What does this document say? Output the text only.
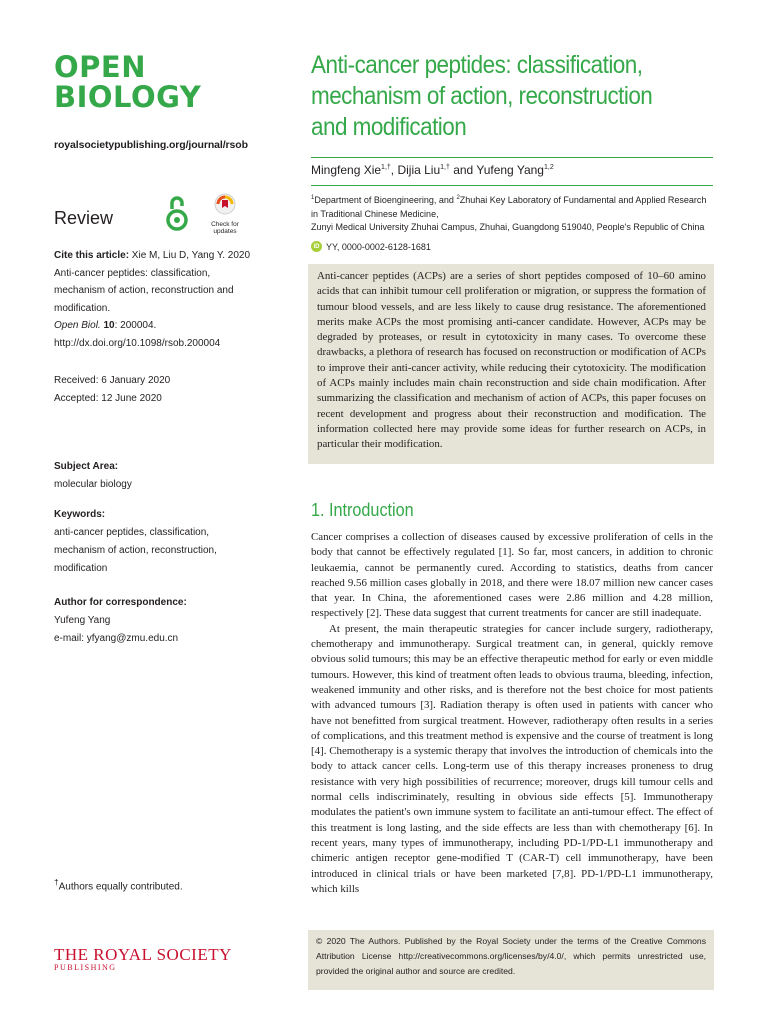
OPEN
BIOLOGY
royalsocietypublishing.org/journal/rsob
Review	Check for
updates
Cite this article: Xie M, Liu D, Yang Y. 2020
Anti-cancer peptides: classification, mechanism of action, reconstruction and modification.
Open Biol. 10: 200004.
http://dx.doi.org/10.1098/rsob.200004
Received: 6 January 2020
Accepted: 12 June 2020
Subject Area:
molecular biology
Keywords:
anti-cancer peptides, classification, mechanism of action, reconstruction, modification
Author for correspondence:
Yufeng Yang
e-mail: yfyang@zmu.edu.cn
†Authors equally contributed.
THE ROYAL SOCIETY
PUBLISHING
Anti-cancer peptides: classification, mechanism of action, reconstruction and modification
Mingfeng Xie$^{1,\dagger}$, Dijia Liu$^{1,\dagger}$ and Yufeng Yang$^{1,2}$
$^1$Department of Bioengineering, and $^2$Zhuhai Key Laboratory of Fundamental and Applied Research in Traditional Chinese Medicine,
Zunyi Medical University Zhuhai Campus, Zhuhai, Guangdong 519040, People's Republic of China
iD YY, 0000-0002-6128-1681
Anti-cancer peptides (ACPs) are a series of short peptides composed of 10–60 amino acids that can inhibit tumour cell proliferation or migration, or suppress the formation of tumour blood vessels, and are less likely to cause drug resistance. The aforementioned merits make ACPs the most promising anti-cancer candidate. However, ACPs may be degraded by proteases, or result in cytotoxicity in many cases. To overcome these drawbacks, a plethora of research has focused on reconstruction or modification of ACPs to improve their anti-cancer activity, while reducing their cytotoxicity. The modification of ACPs mainly includes main chain reconstruction and side chain modification. After summarizing the classification and mechanism of action of ACPs, this paper focuses on recent development and progress about their reconstruction and modification. The information collected here may provide some ideas for further research on ACPs, in particular their modification.
1. Introduction

Cancer comprises a collection of diseases caused by excessive proliferation of cells in the body that cannot be effectively regulated [1]. So far, most cancers, in addition to chronic leukaemia, cannot be permanently cured. According to statistics, deaths from cancer reached 9.56 million cases globally in 2018, and there were 18.07 million new cancer cases that year. In China, the aforementioned cases were 2.86 million and 4.28 million, respectively [2]. These data suggest that current treatments for cancer are still inadequate.

At present, the main therapeutic strategies for cancer include surgery, radiotherapy, chemotherapy and immunotherapy. Surgical treatment can, in general, quickly remove obvious solid tumours; this may be an effective therapeutic method for early or even middle tumours. However, this kind of treatment often leads to obvious trauma, bleeding, infection, weakened immunity and other risks, and is therefore not the best choice for most patients with advanced tumours [3]. Radiation therapy is often used in patients with cancer who have not benefitted from surgical treatment. However, radiotherapy often results in a series of complications, and this treatment method is expensive and the course of treatment is long [4]. Chemotherapy is a systemic therapy that involves the introduction of chemicals into the body to attack cancer cells. Long-term use of this therapy increases proneness to drug resistance with very high possibilities of recurrence; moreover, drugs kill tumour cells and normal cells indiscriminately, resulting in obvious side effects [5]. Immunotherapy modulates the patient's own immune system to facilitate an anti-tumour effect. The effect of this treatment is long lasting, and the side effects are less than with chemotherapy [6]. In recent years, many types of immunotherapy, including PD-1/PD-L1 immunotherapy and chimeric antigen receptor gene-modified T (CAR-T) cell immunotherapy, have been introduced in clinical trials or have been marketed [7,8]. PD-1/PD-L1 immunotherapy, which kills

© 2020 The Authors. Published by the Royal Society under the terms of the Creative Commons Attribution License http://creativecommons.org/licenses/by/4.0/, which permits unrestricted use, provided the original author and source are credited.
